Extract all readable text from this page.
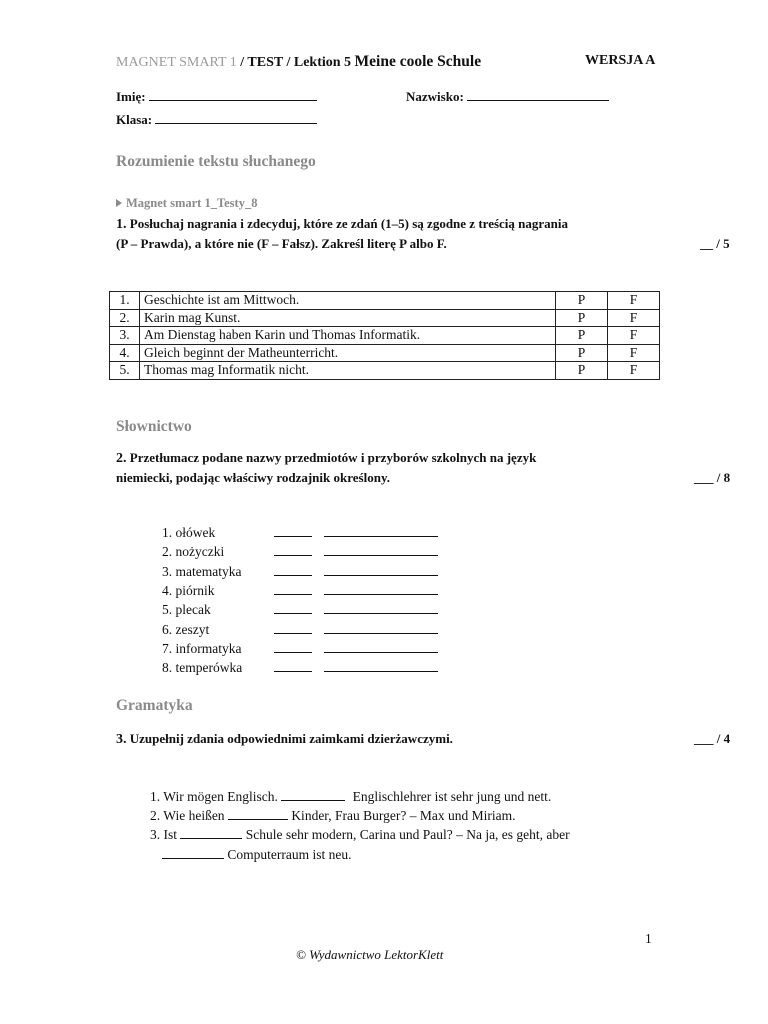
MAGNET SMART 1 / TEST / Lektion 5 Meine coole Schule	WERSJA A
Imię:	Nazwisko:
Klasa:
Rozumienie tekstu słuchanego
Magnet smart 1_Testy_8
1. Posłuchaj nagrania i zdecyduj, które ze zdań (1–5) są zgodne z treścią nagrania
(P – Prawda), a które nie (F – Fałsz). Zakreśl literę P albo F.	__ / 5
1.	Geschichte ist am Mittwoch.	P	F
2.	Karin mag Kunst.	P	F
3.	Am Dienstag haben Karin und Thomas Informatik.	P	F
4.	Gleich beginnt der Matheunterricht.	P	F
5.	Thomas mag Informatik nicht.	P	F
Słownictwo
2. Przetłumacz podane nazwy przedmiotów i przyborów szkolnych na język
niemiecki, podając właściwy rodzajnik określony.	___ / 8
1. ołówek
2. nożyczki
3. matematyka
4. piórnik
5. plecak
6. zeszyt
7. informatyka
8. temperówka
Gramatyka
3. Uzupełnij zdania odpowiednimi zaimkami dzierżawczymi.	___ / 4
1. Wir mögen Englisch.	Englischlehrer ist sehr jung und nett.
2. Wie heißen	Kinder, Frau Burger? – Max und Miriam.
3. Ist	Schule sehr modern, Carina und Paul? – Na ja, es geht, aber
Computerraum ist neu.
1
© Wydawnictwo LektorKlett
